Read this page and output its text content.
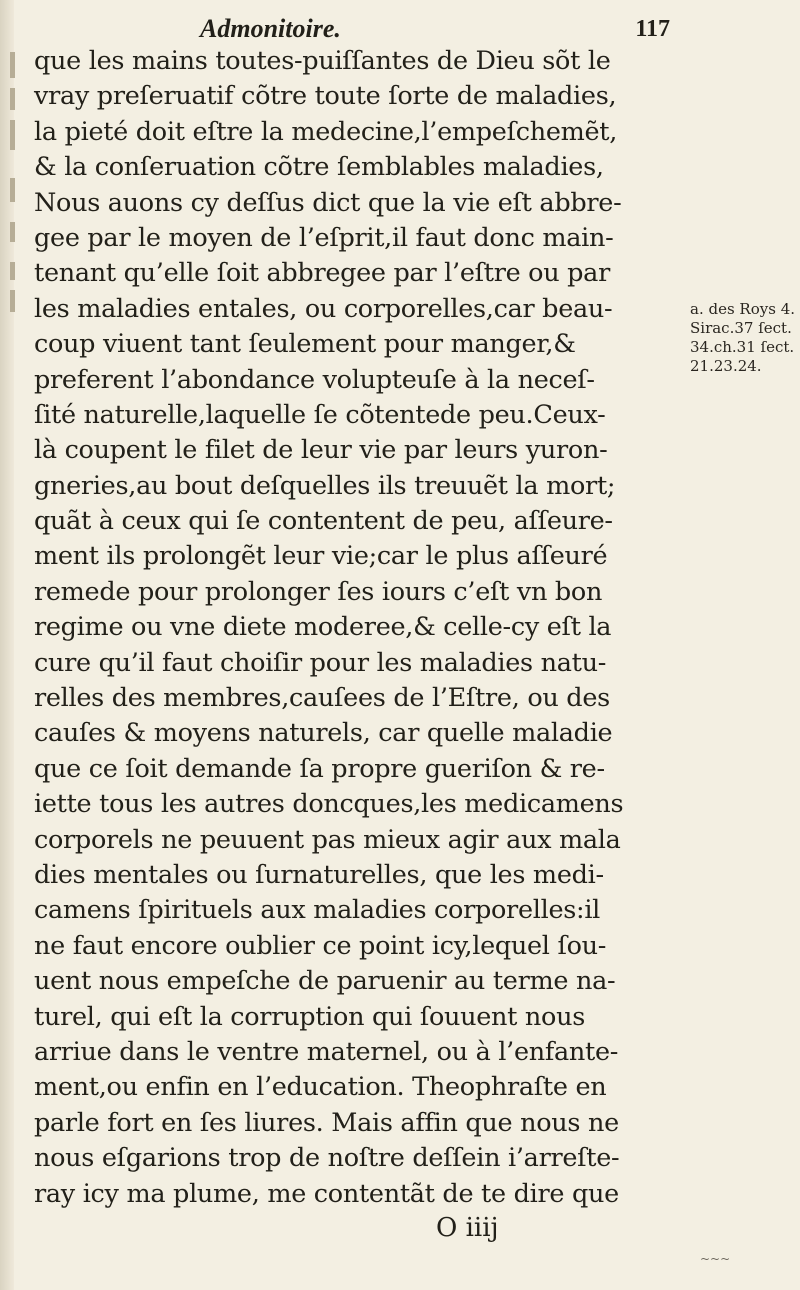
Admonitoire.	117
que les mains toutes-puiſſantes de Dieu sõt le
vray preſeruatif cõtre toute ſorte de maladies,
la pieté doit eſtre la medecine,l’empeſchemẽt,
& la conſeruation cõtre ſemblables maladies,
Nous auons cy deſſus dict que la vie eſt abbre-
gee par le moyen de l’eſprit,il faut donc main-
tenant qu’elle ſoit abbregee par l’eſtre ou par
les maladies entales, ou corporelles,car beau-
coup viuent tant ſeulement pour manger,&
preferent l’abondance volupteuſe à la neceſ-
ſité naturelle,laquelle ſe cõtentede peu.Ceux-
là coupent le filet de leur vie par leurs yuron-
gneries,au bout deſquelles ils treuuẽt la mort;
quãt à ceux qui ſe contentent de peu, aſſeure-
ment ils prolongẽt leur vie;car le plus aſſeuré
remede pour prolonger ſes iours c’eſt vn bon
regime ou vne diete moderee,& celle-cy eſt la
cure qu’il faut choiſir pour les maladies natu-
relles des membres,cauſees de l’Eſtre, ou des
cauſes & moyens naturels, car quelle maladie
que ce ſoit demande ſa propre gueriſon & re-
iette tous les autres doncques,les medicamens
corporels ne peuuent pas mieux agir aux mala
dies mentales ou ſurnaturelles, que les medi-
camens ſpirituels aux maladies corporelles:il
ne faut encore oublier ce point icy,lequel ſou-
uent nous empeſche de paruenir au terme na-
turel, qui eſt la corruption qui ſouuent nous
arriue dans le ventre maternel, ou à l’enfante-
ment,ou enfin en l’education. Theophraſte en
parle fort en ſes liures. Mais affin que nous ne
nous eſgarions trop de noſtre deſſein i’arreſte-
ray icy ma plume, me contentãt de te dire que
a. des Roys 4.
Sirac.37 ſect.
34.ch.31 ſect.
21.23.24.
O iiij
~~~
